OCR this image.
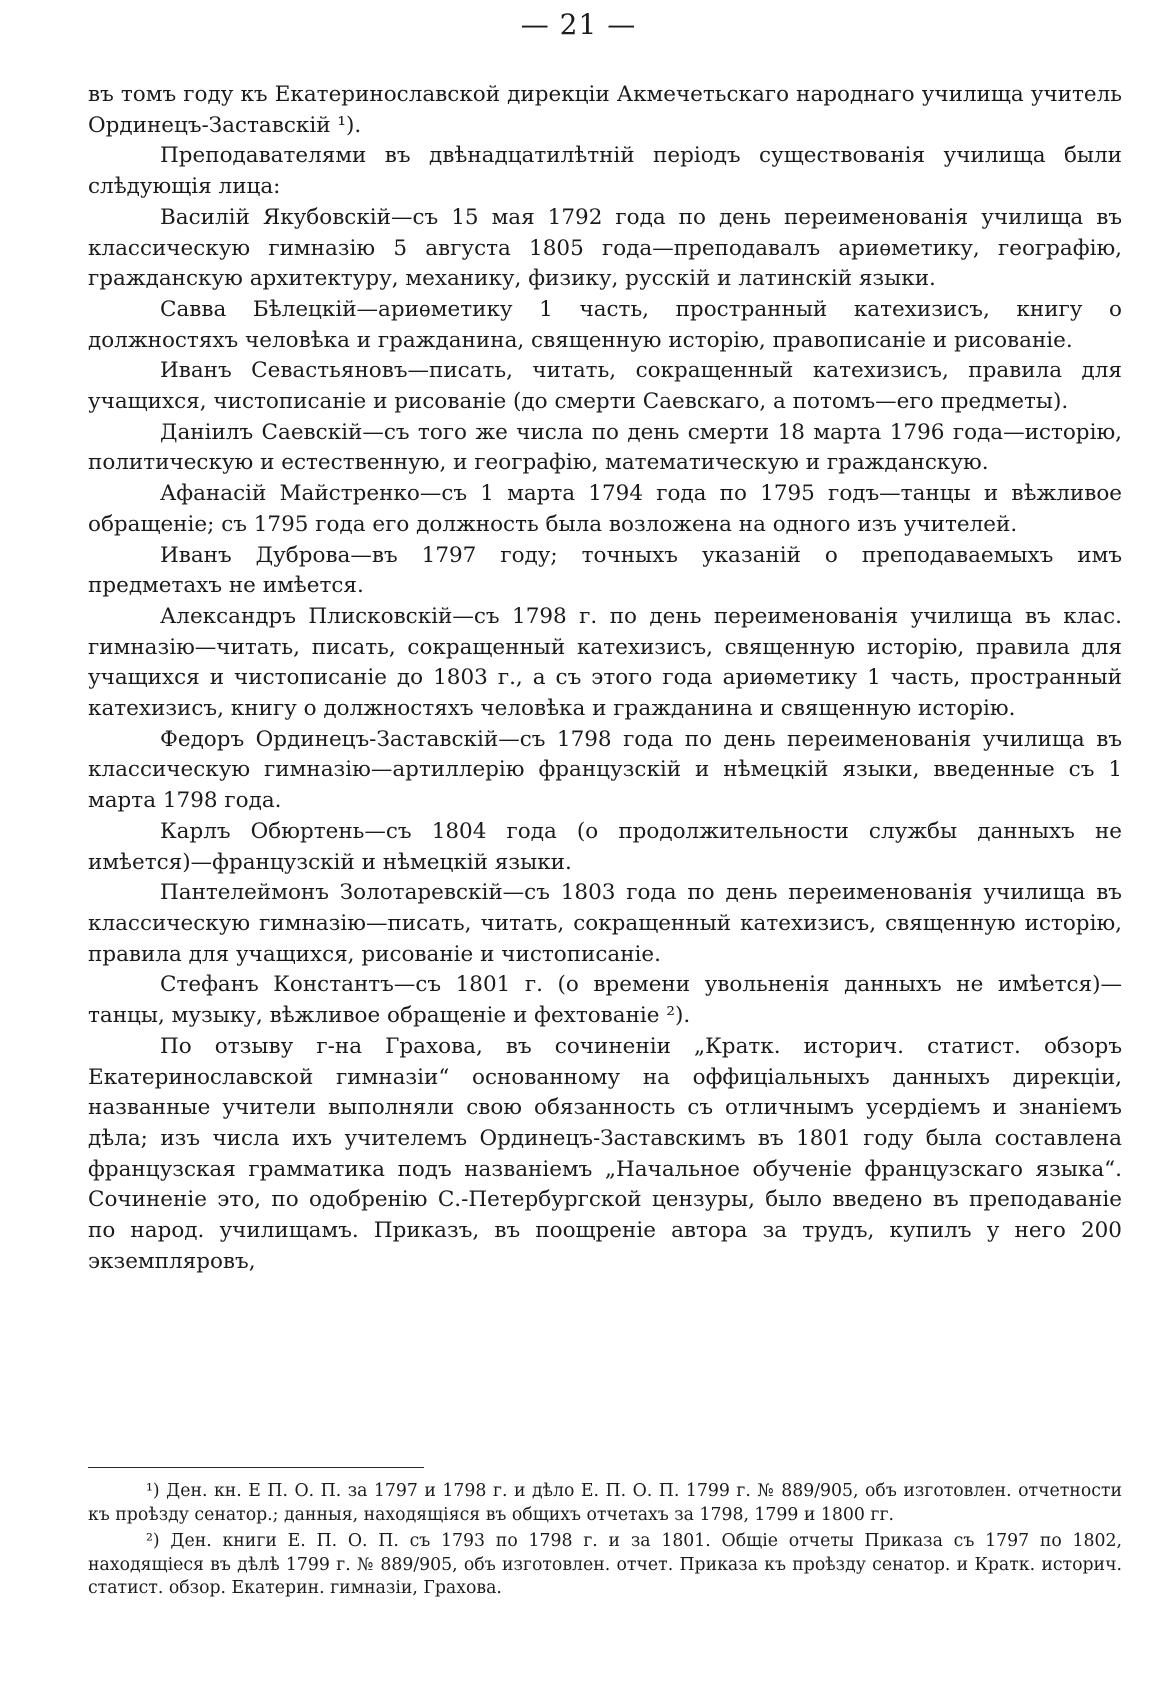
— 21 —

въ томъ году къ Екатеринославской дирекціи Акмечетьскаго народнаго училища учитель Ординецъ-Заставскій ¹).

Преподавателями въ двѣнадцатилѣтній періодъ существованія училища были слѣдующія лица:

Василій Якубовскій—съ 15 мая 1792 года по день переименованія училища въ классическую гимназію 5 августа 1805 года—преподавалъ ариѳметику, географію, гражданскую архитектуру, механику, физику, русскій и латинскій языки.

Савва Бѣлецкій—ариѳметику 1 часть, пространный катехизисъ, книгу о должностяхъ человѣка и гражданина, священную исторію, правописаніе и рисованіе.

Иванъ Севастьяновъ—писать, читать, сокращенный катехизисъ, правила для учащихся, чистописаніе и рисованіе (до смерти Саевскаго, а потомъ—его предметы).

Даніилъ Саевскій—съ того же числа по день смерти 18 марта 1796 года—исторію, политическую и естественную, и географію, математическую и гражданскую.

Афанасій Майстренко—съ 1 марта 1794 года по 1795 годъ—танцы и вѣжливое обращеніе; съ 1795 года его должность была возложена на одного изъ учителей.

Иванъ Дуброва—въ 1797 году; точныхъ указаній о преподаваемыхъ имъ предметахъ не имѣется.

Александръ Плисковскій—съ 1798 г. по день переименованія училища въ клас. гимназію—читать, писать, сокращенный катехизисъ, священную исторію, правила для учащихся и чистописаніе до 1803 г., а съ этого года ариѳметику 1 часть, пространный катехизисъ, книгу о должностяхъ человѣка и гражданина и священную исторію.

Федоръ Ординецъ-Заставскій—съ 1798 года по день переименованія училища въ классическую гимназію—артиллерію французскій и нѣмецкій языки, введенные съ 1 марта 1798 года.

Карлъ Обюртень—съ 1804 года (о продолжительности службы данныхъ не имѣется)—французскій и нѣмецкій языки.

Пантелеймонъ Золотаревскій—съ 1803 года по день переименованія училища въ классическую гимназію—писать, читать, сокращенный катехизисъ, священную исторію, правила для учащихся, рисованіе и чистописаніе.

Стефанъ Константъ—съ 1801 г. (о времени увольненія данныхъ не имѣется)—танцы, музыку, вѣжливое обращеніе и фехтованіе ²).

По отзыву г-на Грахова, въ сочиненіи „Кратк. историч. статист. обзоръ Екатеринославской гимназіи“ основанному на оффиціальныхъ данныхъ дирекціи, названные учители выполняли свою обязанность съ отличнымъ усердіемъ и знаніемъ дѣла; изъ числа ихъ учителемъ Ординецъ-Заставскимъ въ 1801 году была составлена французская грамматика подъ названіемъ „Начальное обученіе французскаго языка“. Сочиненіе это, по одобренію С.-Петербургской цензуры, было введено въ преподаваніе по народ. училищамъ. Приказъ, въ поощреніе автора за трудъ, купилъ у него 200 экземпляровъ,

¹) Ден. кн. Е П. О. П. за 1797 и 1798 г. и дѣло Е. П. О. П. 1799 г. № 889/905, объ изготовлен. отчетности къ проѣзду сенатор.; данныя, находящіяся въ общихъ отчетахъ за 1798, 1799 и 1800 гг.

²) Ден. книги Е. П. О. П. съ 1793 по 1798 г. и за 1801. Общіе отчеты Приказа съ 1797 по 1802, находящіеся въ дѣлѣ 1799 г. № 889/905, объ изготовлен. отчет. Приказа къ проѣзду сенатор. и Кратк. историч. статист. обзор. Екатерин. гимназіи, Грахова.
